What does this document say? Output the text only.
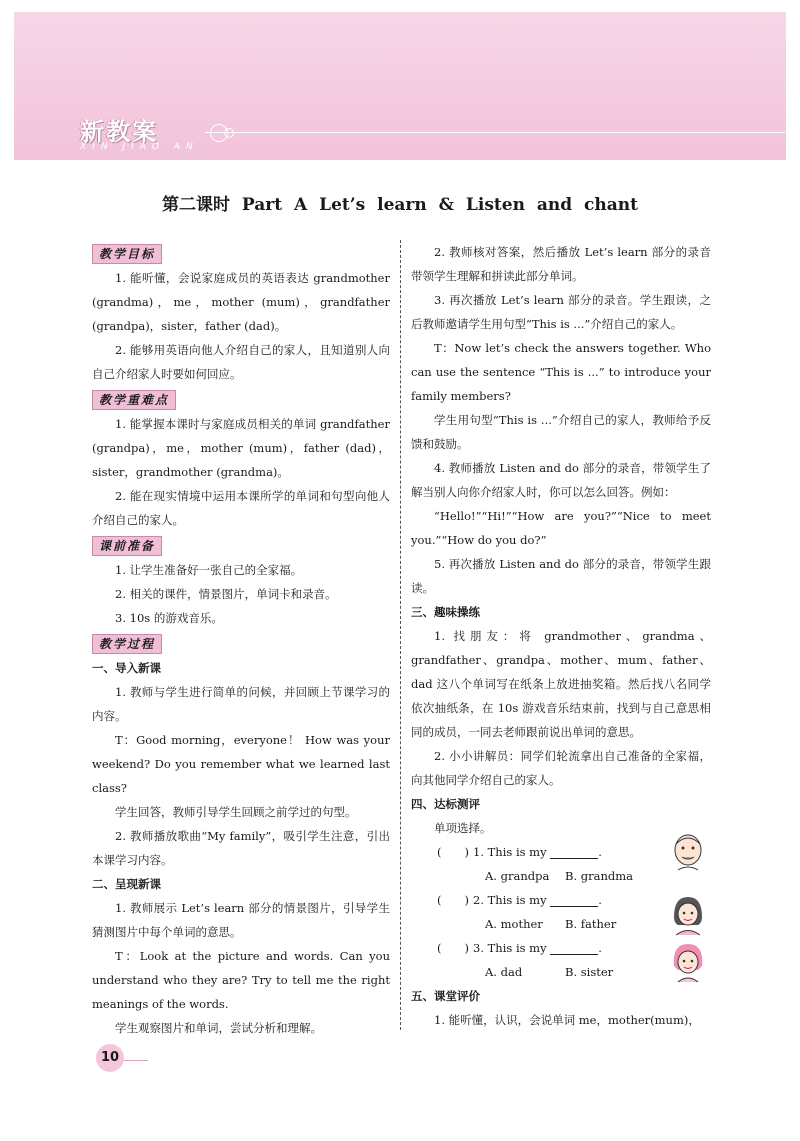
新教案
XIN JIAO AN
第二课时 Part A Let’s learn & Listen and chant
教学目标

1. 能听懂，会说家庭成员的英语表达 grandmother (grandma)，me，mother (mum)，grandfather (grandpa)，sister，father (dad)。

2. 能够用英语向他人介绍自己的家人，且知道别人向自己介绍家人时要如何回应。

教学重难点

1. 能掌握本课时与家庭成员相关的单词 grandfather (grandpa)，me，mother (mum)，father (dad)，sister，grandmother (grandma)。

2. 能在现实情境中运用本课所学的单词和句型向他人介绍自己的家人。

课前准备

1. 让学生准备好一张自己的全家福。

2. 相关的课件，情景图片，单词卡和录音。

3. 10s 的游戏音乐。

教学过程
一、导入新课

1. 教师与学生进行简单的问候，并回顾上节课学习的内容。

T：Good morning，everyone！ How was your weekend? Do you remember what we learned last class?

学生回答，教师引导学生回顾之前学过的句型。

2. 教师播放歌曲“My family”，吸引学生注意，引出本课学习内容。

二、呈现新课

1. 教师展示 Let’s learn 部分的情景图片，引导学生猜测图片中每个单词的意思。

T：Look at the picture and words. Can you understand who they are? Try to tell me the right meanings of the words.

学生观察图片和单词，尝试分析和理解。

2. 教师核对答案，然后播放 Let’s learn 部分的录音带领学生理解和拼读此部分单词。

3. 再次播放 Let’s learn 部分的录音。学生跟读，之后教师邀请学生用句型“This is ...”介绍自己的家人。

T：Now let’s check the answers together. Who can use the sentence “This is ...” to introduce your family members?

学生用句型“This is ...”介绍自己的家人，教师给予反馈和鼓励。

4. 教师播放 Listen and do 部分的录音，带领学生了解当别人向你介绍家人时，你可以怎么回答。例如：

“Hello!”“Hi!”“How are you?”“Nice to meet you.”“How do you do?”

5. 再次播放 Listen and do 部分的录音，带领学生跟读。

三、趣味操练

1. 找朋友：将 grandmother、grandma、grandfather、grandpa、mother、mum、father、dad 这八个单词写在纸条上放进抽奖箱。然后找八名同学依次抽纸条，在 10s 游戏音乐结束前，找到与自己意思相同的成员，一同去老师跟前说出单词的意思。

2. 小小讲解员：同学们轮流拿出自己准备的全家福，向其他同学介绍自己的家人。

四、达标测评

单项选择。

(　　) 1. This is my
	.
A. grandpa B. grandma
(　　) 2. This is my
	.
A. mother B. father
(　　) 3. This is my
	.
A. dad	B. sister
五、课堂评价

1. 能听懂，认识，会说单词 me，mother(mum)，

10
